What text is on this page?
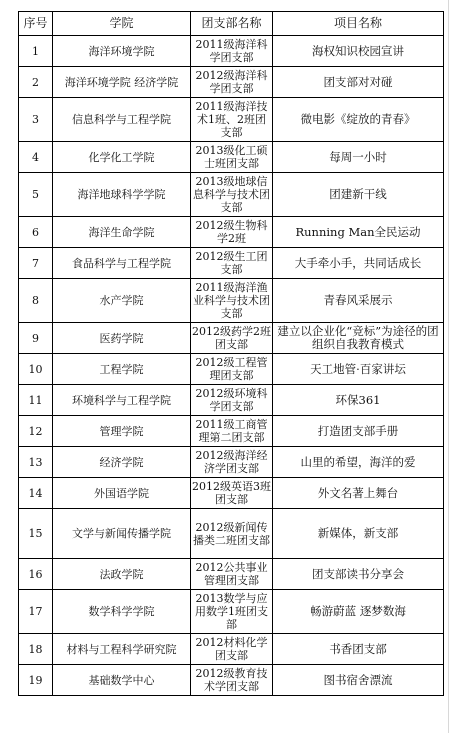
序号	学院	团支部名称	项目名称
1	海洋环境学院	2011级海洋科学团支部	海权知识校园宣讲
2	海洋环境学院 经济学院	2012级海洋科学团支部	团支部对对碰
3	信息科学与工程学院	2011级海洋技术1班、2班团支部	微电影《绽放的青春》
4	化学化工学院	2013级化工硕士班团支部	每周一小时
5	海洋地球科学学院	2013级地球信息科学与技术团支部	团建新干线
6	海洋生命学院	2012级生物科学2班	Running Man全民运动
7	食品科学与工程学院	2012级生工团支部	大手牵小手，共同话成长
8	水产学院	2011级海洋渔业科学与技术团支部	青春风采展示
9	医药学院	2012级药学2班团支部	建立以企业化“竞标”为途径的团组织自我教育模式
10	工程学院	2012级工程管理团支部	天工地管·百家讲坛
11	环境科学与工程学院	2012级环境科学团支部	环保361
12	管理学院	2011级工商管理第二团支部	打造团支部手册
13	经济学院	2012级海洋经济学团支部	山里的希望，海洋的爱
14	外国语学院	2012级英语3班团支部	外文名著上舞台
15	文学与新闻传播学院	2012级新闻传播类二班团支部	新媒体，新支部
16	法政学院	2012公共事业管理团支部	团支部读书分享会
17	数学科学学院	2013数学与应用数学1班团支部	畅游蔚蓝 逐梦数海
18	材料与工程科学研究院	2012材料化学团支部	书香团支部
19	基础数学中心	2012级教育技术学团支部	图书宿舍漂流
